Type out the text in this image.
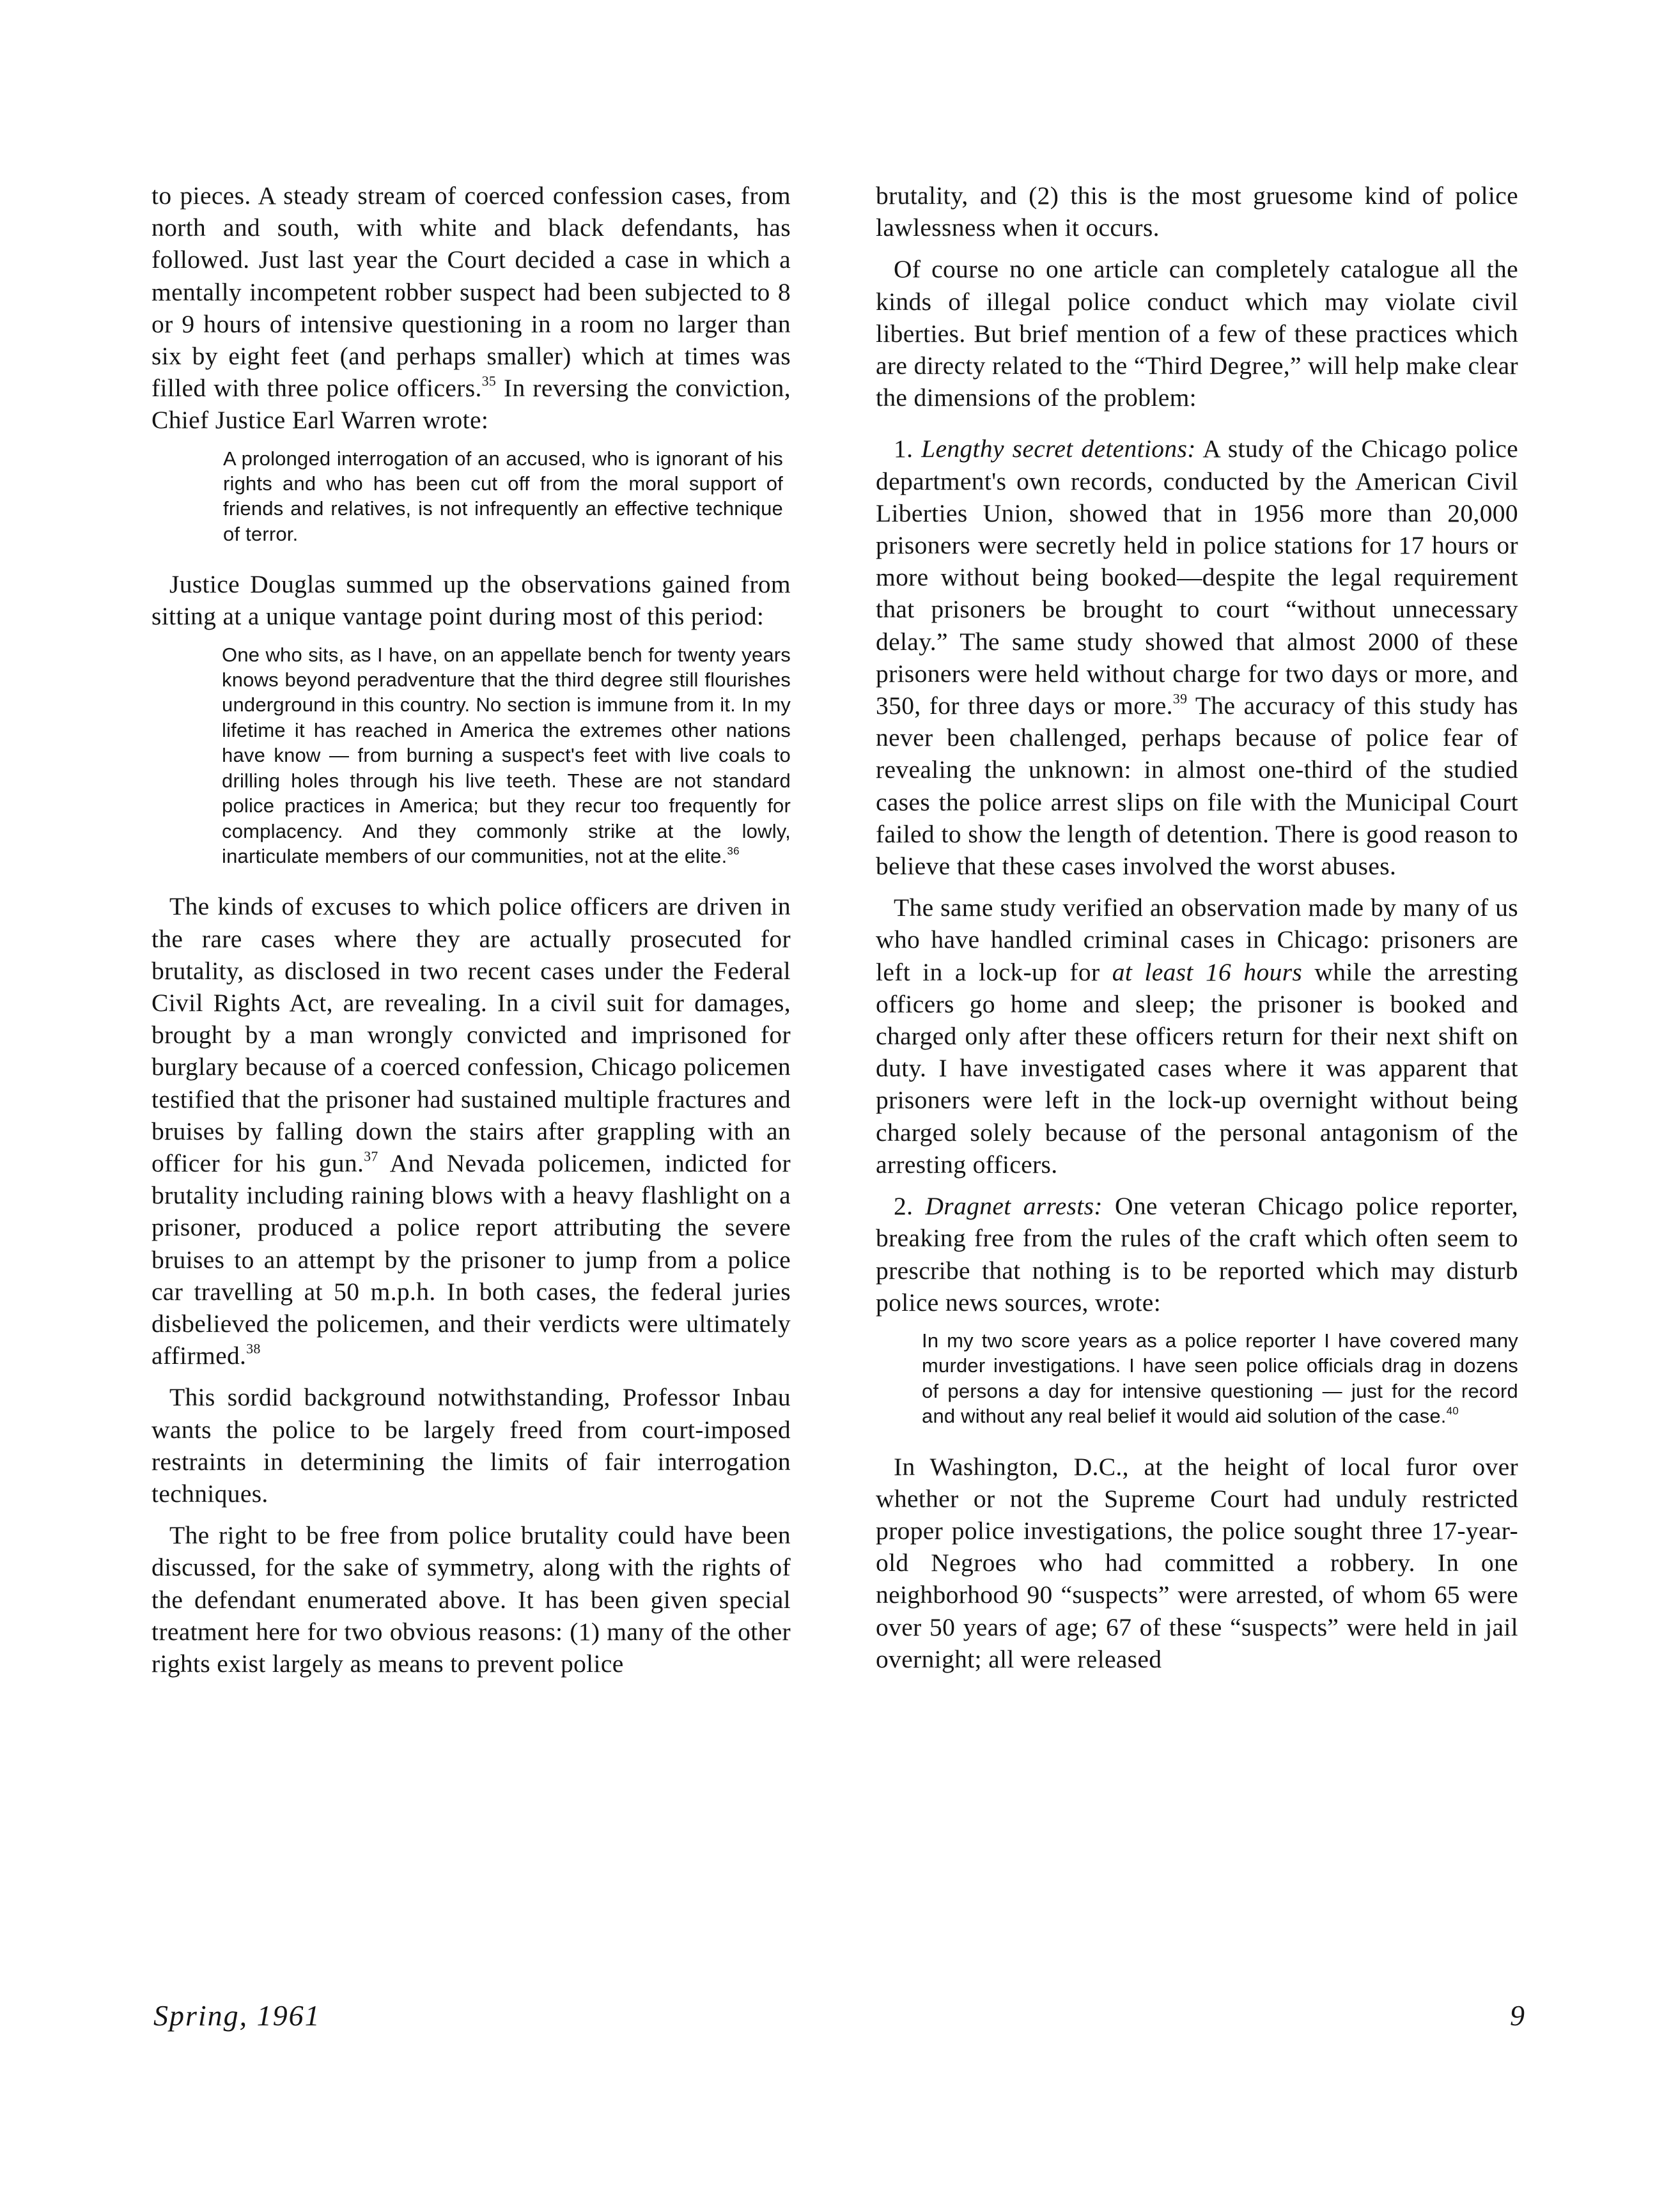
to pieces. A steady stream of coerced confession cases, from north and south, with white and black defendants, has followed. Just last year the Court decided a case in which a mentally incompetent robber suspect had been subjected to 8 or 9 hours of intensive questioning in a room no larger than six by eight feet (and perhaps smaller) which at times was filled with three police officers.$^{35}$ In reversing the conviction, Chief Justice Earl Warren wrote:

A prolonged interrogation of an accused, who is ignorant of his rights and who has been cut off from the moral support of friends and relatives, is not infrequently an effective technique of terror.

Justice Douglas summed up the observations gained from sitting at a unique vantage point during most of this period:

One who sits, as I have, on an appellate bench for twenty years knows beyond peradventure that the third degree still flourishes underground in this country. No section is immune from it. In my lifetime it has reached in America the extremes other nations have know — from burning a suspect's feet with live coals to drilling holes through his live teeth. These are not standard police practices in America; but they recur too frequently for complacency. And they commonly strike at the lowly, inarticulate members of our communities, not at the elite.$^{36}$

The kinds of excuses to which police officers are driven in the rare cases where they are actually prosecuted for brutality, as disclosed in two recent cases under the Federal Civil Rights Act, are revealing. In a civil suit for damages, brought by a man wrongly convicted and imprisoned for burglary because of a coerced confession, Chicago policemen testified that the prisoner had sustained multiple fractures and bruises by falling down the stairs after grappling with an officer for his gun.$^{37}$ And Nevada policemen, indicted for brutality including raining blows with a heavy flashlight on a prisoner, produced a police report attributing the severe bruises to an attempt by the prisoner to jump from a police car travelling at 50 m.p.h. In both cases, the federal juries disbelieved the policemen, and their verdicts were ultimately affirmed.$^{38}$

This sordid background notwithstanding, Professor Inbau wants the police to be largely freed from court-imposed restraints in determining the limits of fair interrogation techniques.

The right to be free from police brutality could have been discussed, for the sake of symmetry, along with the rights of the defendant enumerated above. It has been given special treatment here for two obvious reasons: (1) many of the other rights exist largely as means to prevent police

brutality, and (2) this is the most gruesome kind of police lawlessness when it occurs.

Of course no one article can completely catalogue all the kinds of illegal police conduct which may violate civil liberties. But brief mention of a few of these practices which are directy related to the “Third Degree,” will help make clear the dimensions of the problem:

1. Lengthy secret detentions: A study of the Chicago police department's own records, conducted by the American Civil Liberties Union, showed that in 1956 more than 20,000 prisoners were secretly held in police stations for 17 hours or more without being booked—despite the legal requirement that prisoners be brought to court “without unnecessary delay.” The same study showed that almost 2000 of these prisoners were held without charge for two days or more, and 350, for three days or more.$^{39}$ The accuracy of this study has never been challenged, perhaps because of police fear of revealing the unknown: in almost one-third of the studied cases the police arrest slips on file with the Municipal Court failed to show the length of detention. There is good reason to believe that these cases involved the worst abuses.

The same study verified an observation made by many of us who have handled criminal cases in Chicago: prisoners are left in a lock-up for at least 16 hours while the arresting officers go home and sleep; the prisoner is booked and charged only after these officers return for their next shift on duty. I have investigated cases where it was apparent that prisoners were left in the lock-up overnight without being charged solely because of the personal antagonism of the arresting officers.

2. Dragnet arrests: One veteran Chicago police reporter, breaking free from the rules of the craft which often seem to prescribe that nothing is to be reported which may disturb police news sources, wrote:

In my two score years as a police reporter I have covered many murder investigations. I have seen police officials drag in dozens of persons a day for intensive questioning — just for the record and without any real belief it would aid solution of the case.$^{40}$

In Washington, D.C., at the height of local furor over whether or not the Supreme Court had unduly restricted proper police investigations, the police sought three 17-year-old Negroes who had committed a robbery. In one neighborhood 90 “suspects” were arrested, of whom 65 were over 50 years of age; 67 of these “suspects” were held in jail overnight; all were released

Spring, 1961	9
